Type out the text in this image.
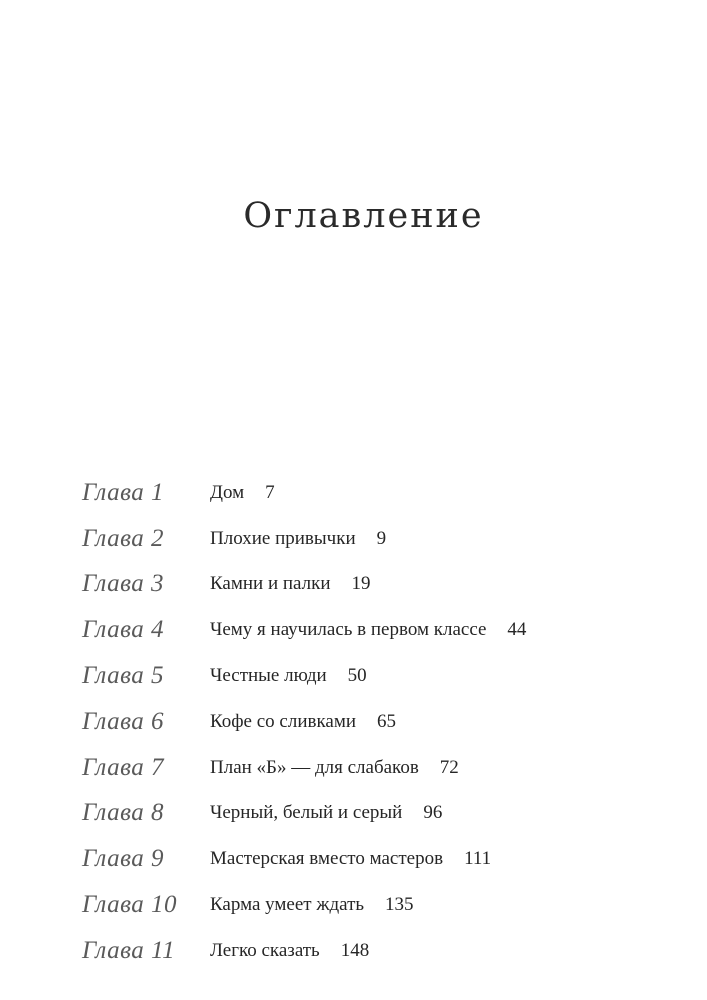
Оглавление
Глава 1	Дом 7
Глава 2	Плохие привычки 9
Глава 3	Камни и палки 19
Глава 4	Чему я научилась в первом классе 44
Глава 5	Честные люди 50
Глава 6	Кофе со сливками 65
Глава 7	План «Б» — для слабаков 72
Глава 8	Черный, белый и серый 96
Глава 9	Мастерская вместо мастеров 111
Глава 10	Карма умеет ждать 135
Глава 11	Легко сказать 148
